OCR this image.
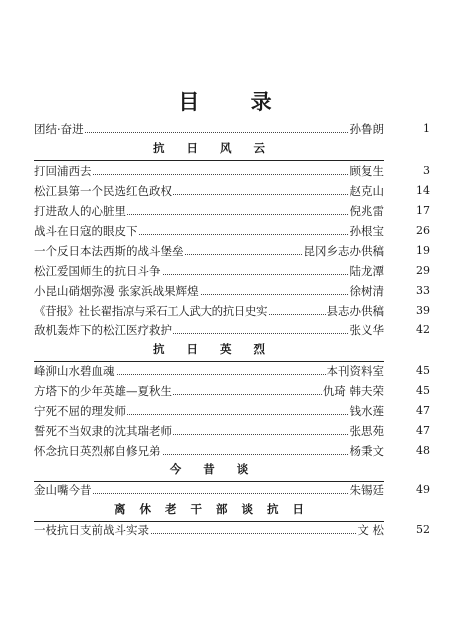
目 录
团结·奋进	孙鲁朗	1
抗 日 风 云
打回浦西去	顾复生	3
松江县第一个民选红色政权	赵克山	14
打进敌人的心脏里	倪兆雷	17
战斗在日寇的眼皮下	孙根宝	26
一个反日本法西斯的战斗堡垒	昆冈乡志办供稿	19
松江爱国师生的抗日斗争	陆龙潭	29
小昆山硝烟弥漫 张家浜战果辉煌	徐树清	33
《苷报》社长翟指凉与采石工人武大的抗日史实	县志办供稿	39
敌机轰炸下的松江医疗救护	张义华	42
抗 日 英 烈
峰泖山水碧血魂	本刊资料室	45
方塔下的少年英雄—夏秋生	仇琦 韩夫荣	45
宁死不屈的理发师	钱水莲	47
誓死不当奴隶的沈其瑞老师	张思苑	47
怀念抗日英烈郝自修兄弟	杨秉文	48
今 昔 谈
金山嘴今昔	朱锡廷	49
离 休 老 干 部 谈 抗 日
一枝抗日支前战斗实录	文 松	52
